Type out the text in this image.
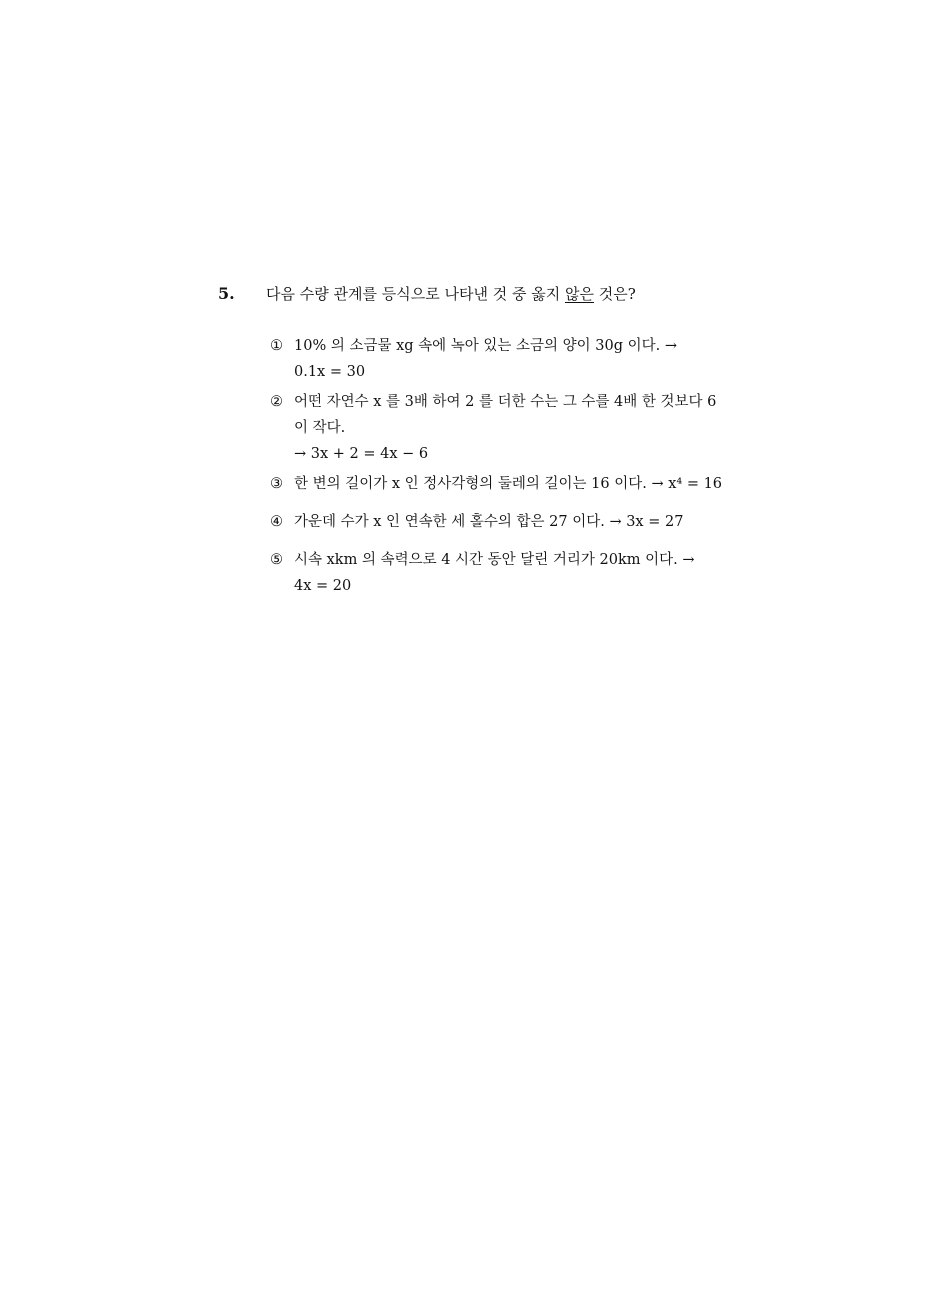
5.	다음 수량 관계를 등식으로 나타낸 것 중 옳지 않은 것은?
① 10% 의 소금물 xg 속에 녹아 있는 소금의 양이 30g 이다. →
0.1x = 30
② 어떤 자연수 x 를 3배 하여 2 를 더한 수는 그 수를 4배 한 것보다 6
이 작다.
→ 3x + 2 = 4x − 6
③ 한 변의 길이가 x 인 정사각형의 둘레의 길이는 16 이다. → x⁴ = 16
④ 가운데 수가 x 인 연속한 세 홀수의 합은 27 이다. → 3x = 27
⑤ 시속 xkm 의 속력으로 4 시간 동안 달린 거리가 20km 이다. →
4x = 20
